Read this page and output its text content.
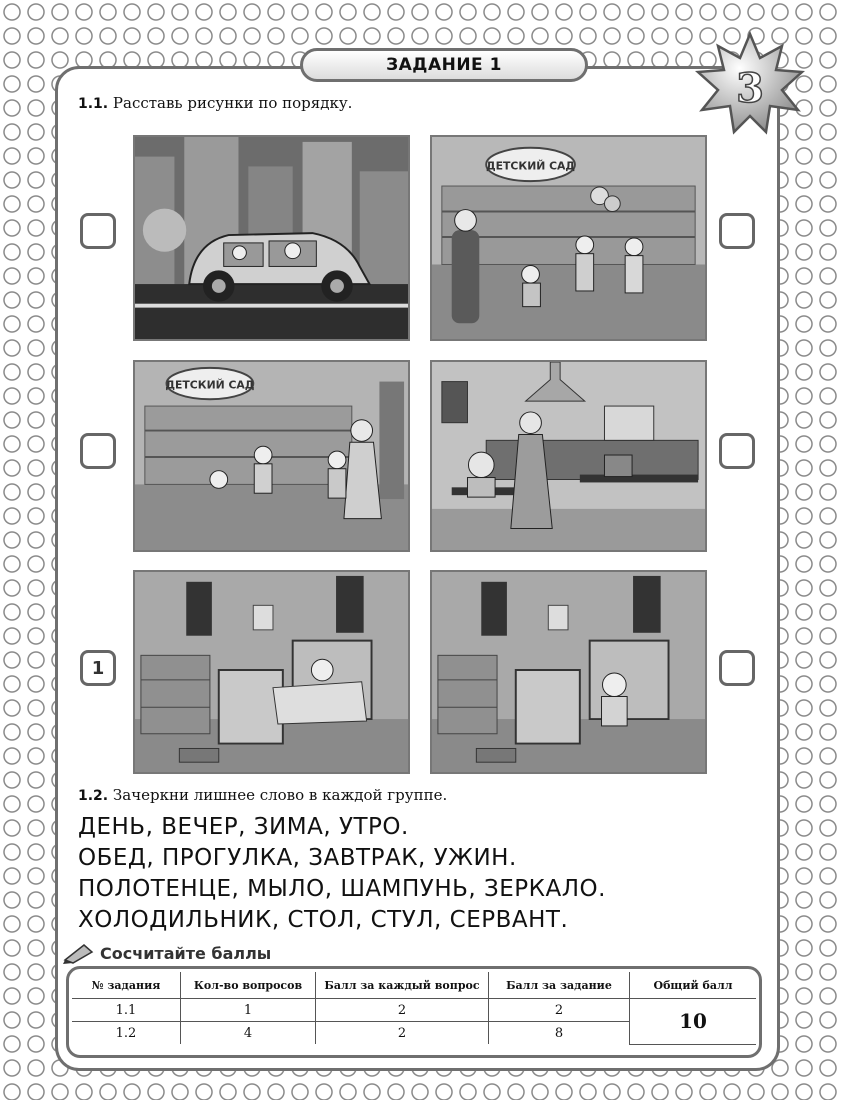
ЗАДАНИЕ 1	3
1.1. Расставь рисунки по порядку.
ДЕТСКИЙ САД
ДЕТСКИЙ САД
1
1.2. Зачеркни лишнее слово в каждой группе.
ДЕНЬ, ВЕЧЕР, ЗИМА, УТРО.
ОБЕД, ПРОГУЛКА, ЗАВТРАК, УЖИН.
ПОЛОТЕНЦЕ, МЫЛО, ШАМПУНЬ, ЗЕРКАЛО.
ХОЛОДИЛЬНИК, СТОЛ, СТУЛ, СЕРВАНТ.
Сосчитайте баллы
№ задания	Кол-во вопросов	Балл за каждый вопрос	Балл за задание	Общий балл
1.1	1	2	2	10
1.2	4	2	8	
